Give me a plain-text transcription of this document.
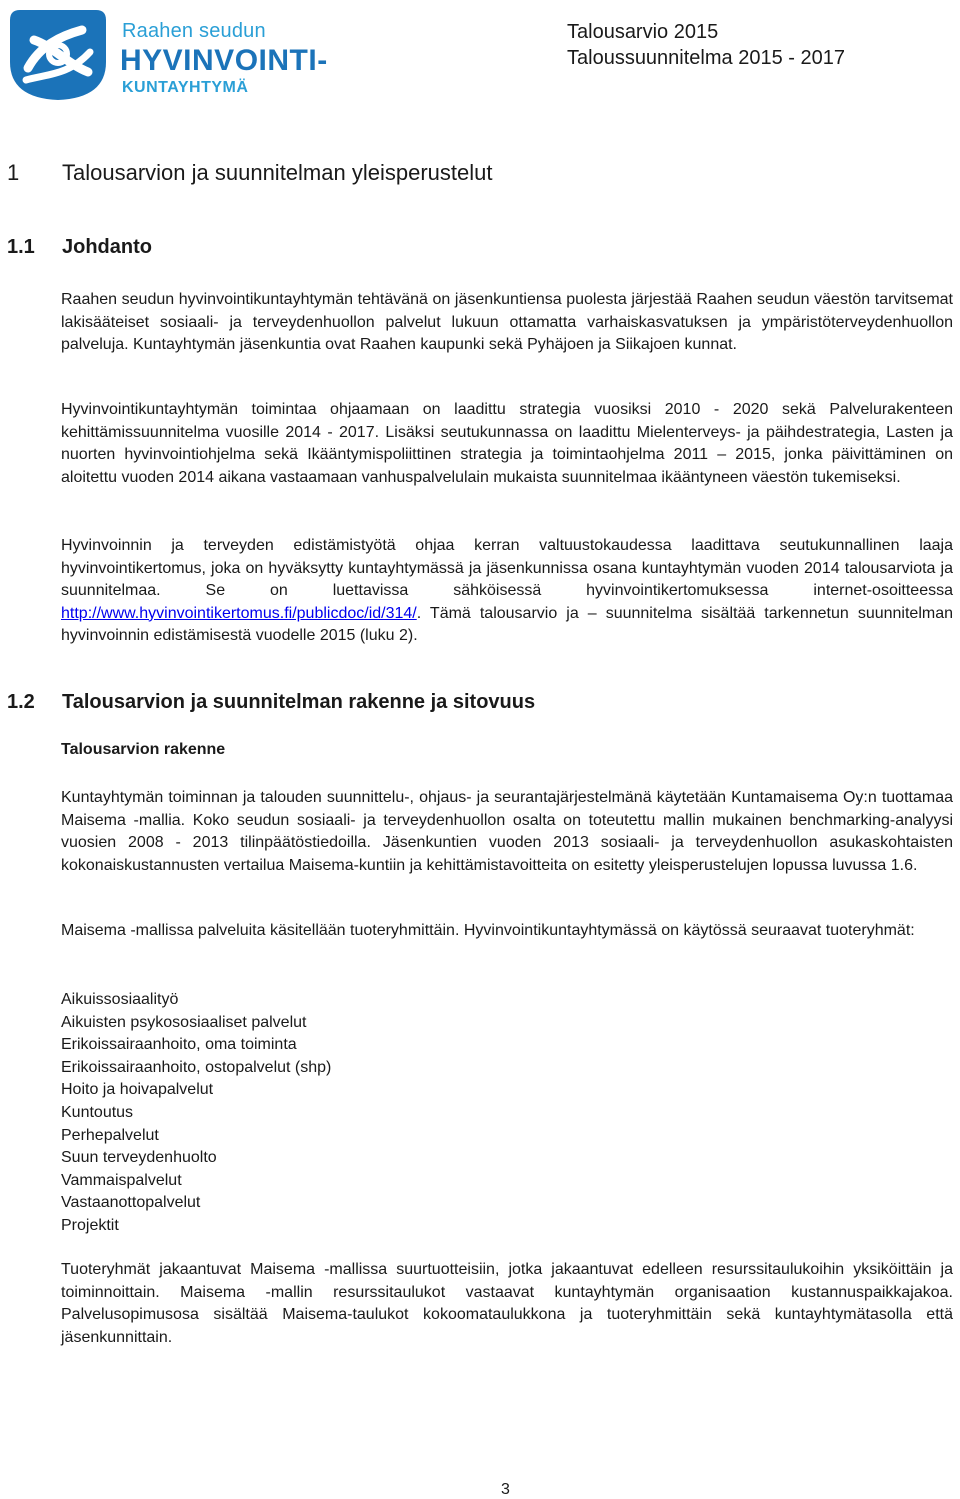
Raahen seudun
HYVINVOINTI-
KUNTAYHTYMÄ
Talousarvio 2015
Taloussuunnitelma 2015 - 2017
1 Talousarvion ja suunnitelman yleisperustelut
1.1 Johdanto

Raahen seudun hyvinvointikuntayhtymän tehtävänä on jäsenkuntiensa puolesta järjestää Raahen seudun väestön tarvitsemat lakisääteiset sosiaali- ja terveydenhuollon palvelut lukuun ottamatta varhaiskasvatuksen ja ympäristöterveydenhuollon palveluja. Kuntayhtymän jäsenkuntia ovat Raahen kaupunki sekä Pyhäjoen ja Siikajoen kunnat.

Hyvinvointikuntayhtymän toimintaa ohjaamaan on laadittu strategia vuosiksi 2010 - 2020 sekä Palvelurakenteen kehittämissuunnitelma vuosille 2014 - 2017. Lisäksi seutukunnassa on laadittu Mielenterveys- ja päihdestrategia, Lasten ja nuorten hyvinvointiohjelma sekä Ikääntymispoliittinen strategia ja toimintaohjelma 2011 – 2015, jonka päivittäminen on aloitettu vuoden 2014 aikana vastaamaan vanhuspalvelulain mukaista suunnitelmaa ikääntyneen väestön tukemiseksi.

Hyvinvoinnin ja terveyden edistämistyötä ohjaa kerran valtuustokaudessa laadittava seutukunnallinen laaja hyvinvointikertomus, joka on hyväksytty kuntayhtymässä ja jäsenkunnissa osana kuntayhtymän vuoden 2014 talousarviota ja suunnitelmaa. Se on luettavissa sähköisessä hyvinvointikertomuksessa internet-osoitteessa http://www.hyvinvointikertomus.fi/publicdoc/id/314/. Tämä talousarvio ja – suunnitelma sisältää tarkennetun suunnitelman hyvinvoinnin edistämisestä vuodelle 2015 (luku 2).

1.2 Talousarvion ja suunnitelman rakenne ja sitovuus
Talousarvion rakenne

Kuntayhtymän toiminnan ja talouden suunnittelu-, ohjaus- ja seurantajärjestelmänä käytetään Kuntamaisema Oy:n tuottamaa Maisema -mallia. Koko seudun sosiaali- ja terveydenhuollon osalta on toteutettu mallin mukainen benchmarking-analyysi vuosien 2008 - 2013 tilinpäätöstiedoilla. Jäsenkuntien vuoden 2013 sosiaali- ja terveydenhuollon asukaskohtaisten kokonaiskustannusten vertailua Maisema-kuntiin ja kehittämistavoitteita on esitetty yleisperustelujen lopussa luvussa 1.6.

Maisema -mallissa palveluita käsitellään tuoteryhmittäin. Hyvinvointikuntayhtymässä on käytössä seuraavat tuoteryhmät:

Aikuissosiaalityö
Aikuisten psykososiaaliset palvelut
Erikoissairaanhoito, oma toiminta
Erikoissairaanhoito, ostopalvelut (shp)
Hoito ja hoivapalvelut
Kuntoutus
Perhepalvelut
Suun terveydenhuolto
Vammaispalvelut
Vastaanottopalvelut
Projektit

Tuoteryhmät jakaantuvat Maisema -mallissa suurtuotteisiin, jotka jakaantuvat edelleen resurssitaulukoihin yksiköittäin ja toiminnoittain. Maisema -mallin resurssitaulukot vastaavat kuntayhtymän organisaation kustannuspaikkajakoa. Palvelusopimusosa sisältää Maisema-taulukot kokoomataulukkona ja tuoteryhmittäin sekä kuntayhtymätasolla että jäsenkunnittain.

3
